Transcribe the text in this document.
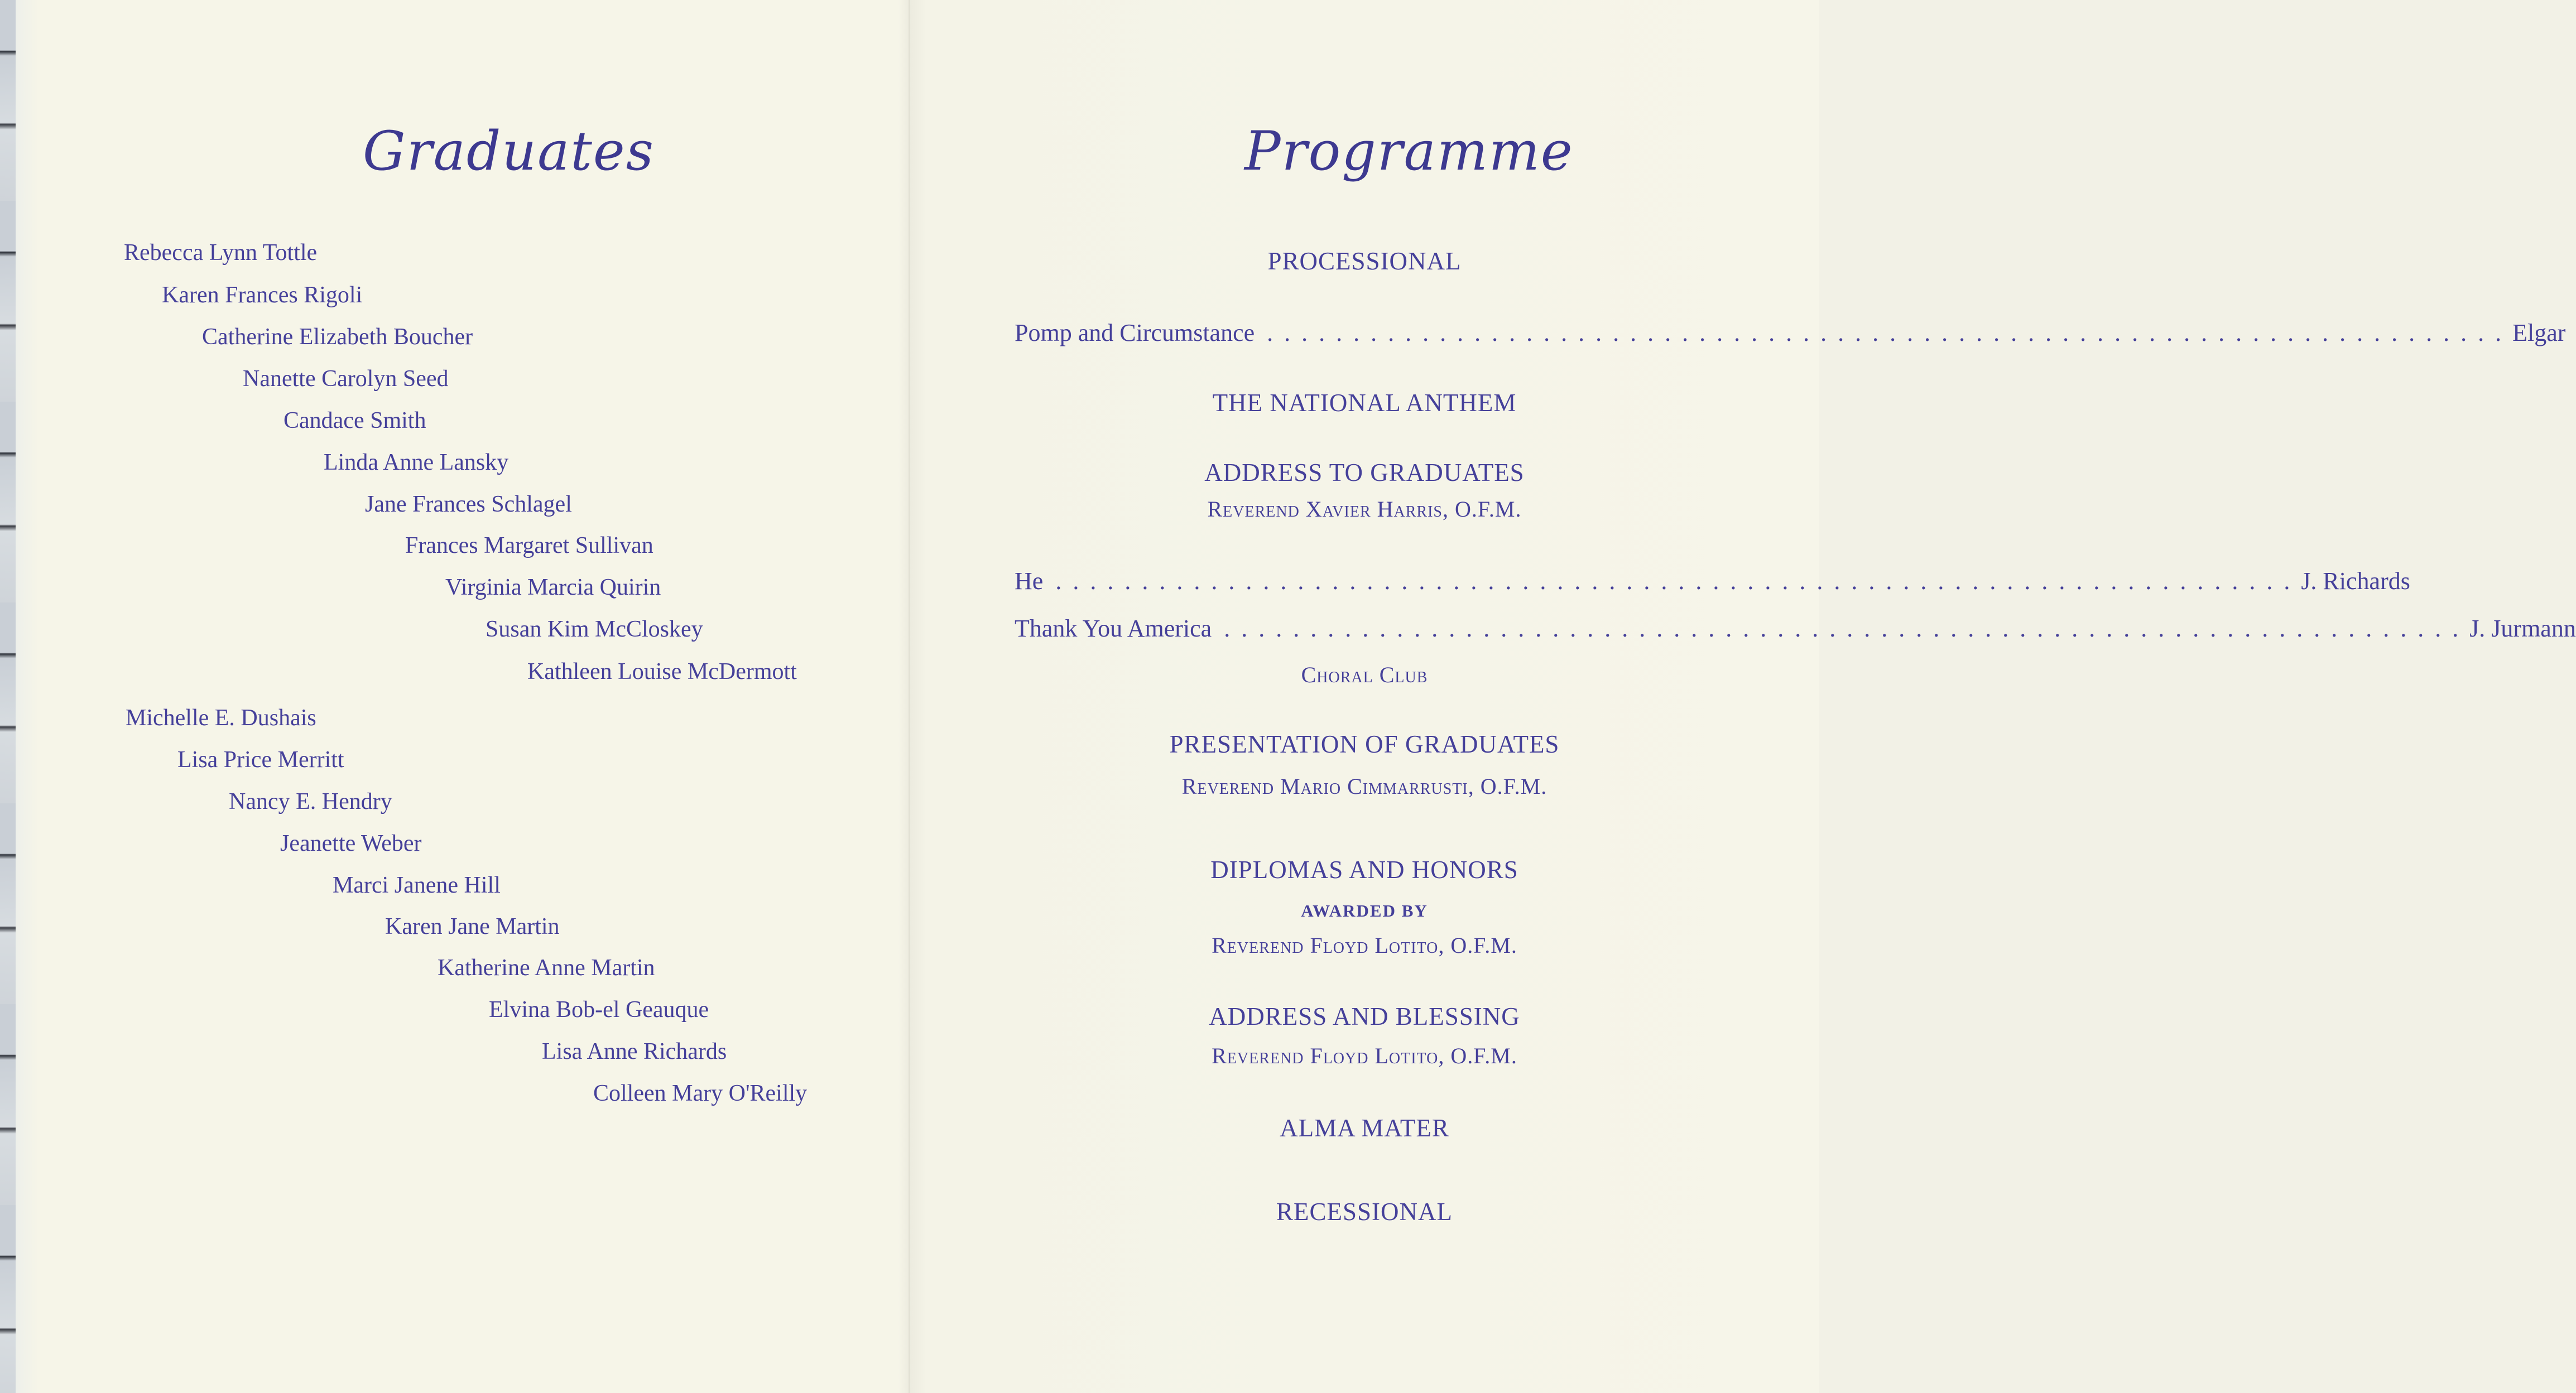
Graduates
Rebecca Lynn Tottle
Karen Frances Rigoli
Catherine Elizabeth Boucher
Nanette Carolyn Seed
Candace Smith
Linda Anne Lansky
Jane Frances Schlagel
Frances Margaret Sullivan
Virginia Marcia Quirin
Susan Kim McCloskey
Kathleen Louise McDermott
Michelle E. Dushais
Lisa Price Merritt
Nancy E. Hendry
Jeanette Weber
Marci Janene Hill
Karen Jane Martin
Katherine Anne Martin
Elvina Bob-el Geauque
Lisa Anne Richards
Colleen Mary O'Reilly
Programme
PROCESSIONAL
Pomp and Circumstance ........................................................................ Elgar
THE NATIONAL ANTHEM
ADDRESS TO GRADUATES
Reverend Xavier Harris, O.F.M.
He ........................................................................ J. Richards
Thank You America ........................................................................ J. Jurmann
Choral Club
PRESENTATION OF GRADUATES
Reverend Mario Cimmarrusti, O.F.M.
DIPLOMAS AND HONORS
AWARDED BY
Reverend Floyd Lotito, O.F.M.
ADDRESS AND BLESSING
Reverend Floyd Lotito, O.F.M.
ALMA MATER
RECESSIONAL
